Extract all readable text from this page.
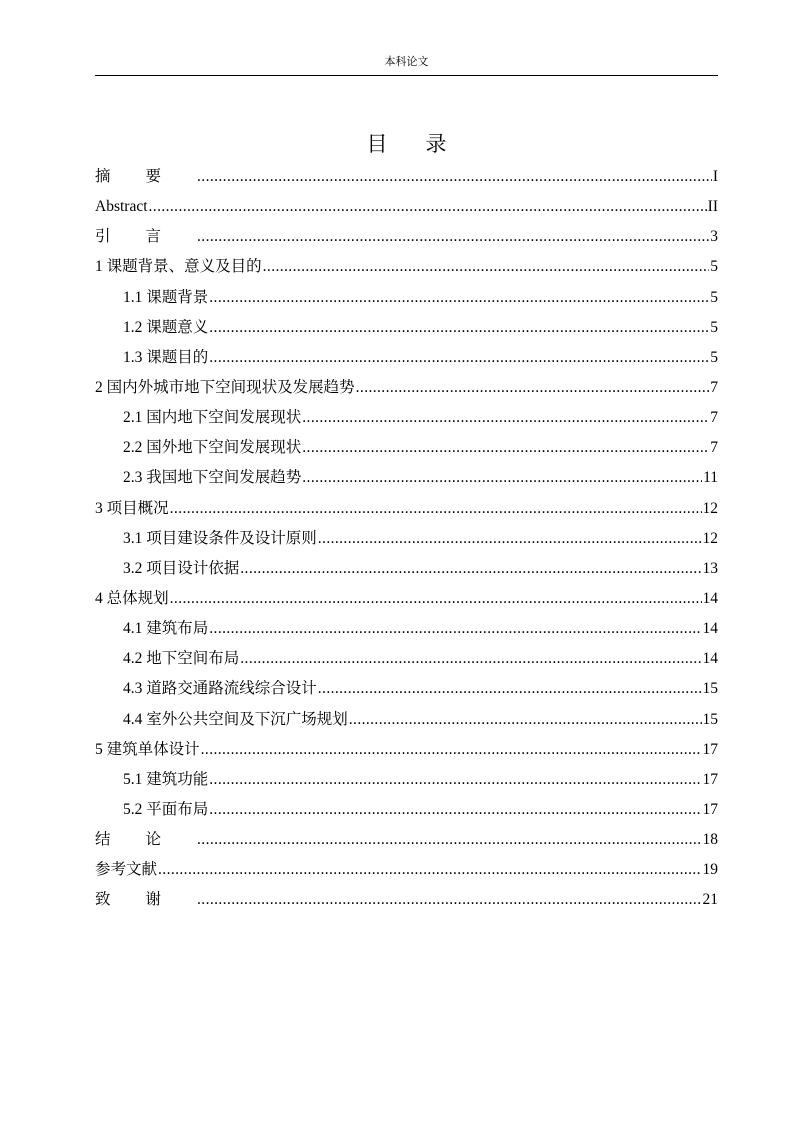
本科论文
目录
摘要 .....	I
Abstract .....	II
引言 .....	3
1 课题背景、意义及目的 .....	5
1.1 课题背景 .....	5
1.2 课题意义 .....	5
1.3 课题目的 .....	5
2 国内外城市地下空间现状及发展趋势 .....	7
2.1 国内地下空间发展现状 .....	7
2.2 国外地下空间发展现状 .....	7
2.3 我国地下空间发展趋势 .....	11
3 项目概况 .....	12
3.1 项目建设条件及设计原则 .....	12
3.2 项目设计依据 .....	13
4 总体规划 .....	14
4.1 建筑布局 .....	14
4.2 地下空间布局 .....	14
4.3 道路交通路流线综合设计 .....	15
4.4 室外公共空间及下沉广场规划 .....	15
5 建筑单体设计 .....	17
5.1 建筑功能 .....	17
5.2 平面布局 .....	17
结论 .....	18
参考文献 .....	19
致谢 .....	21
